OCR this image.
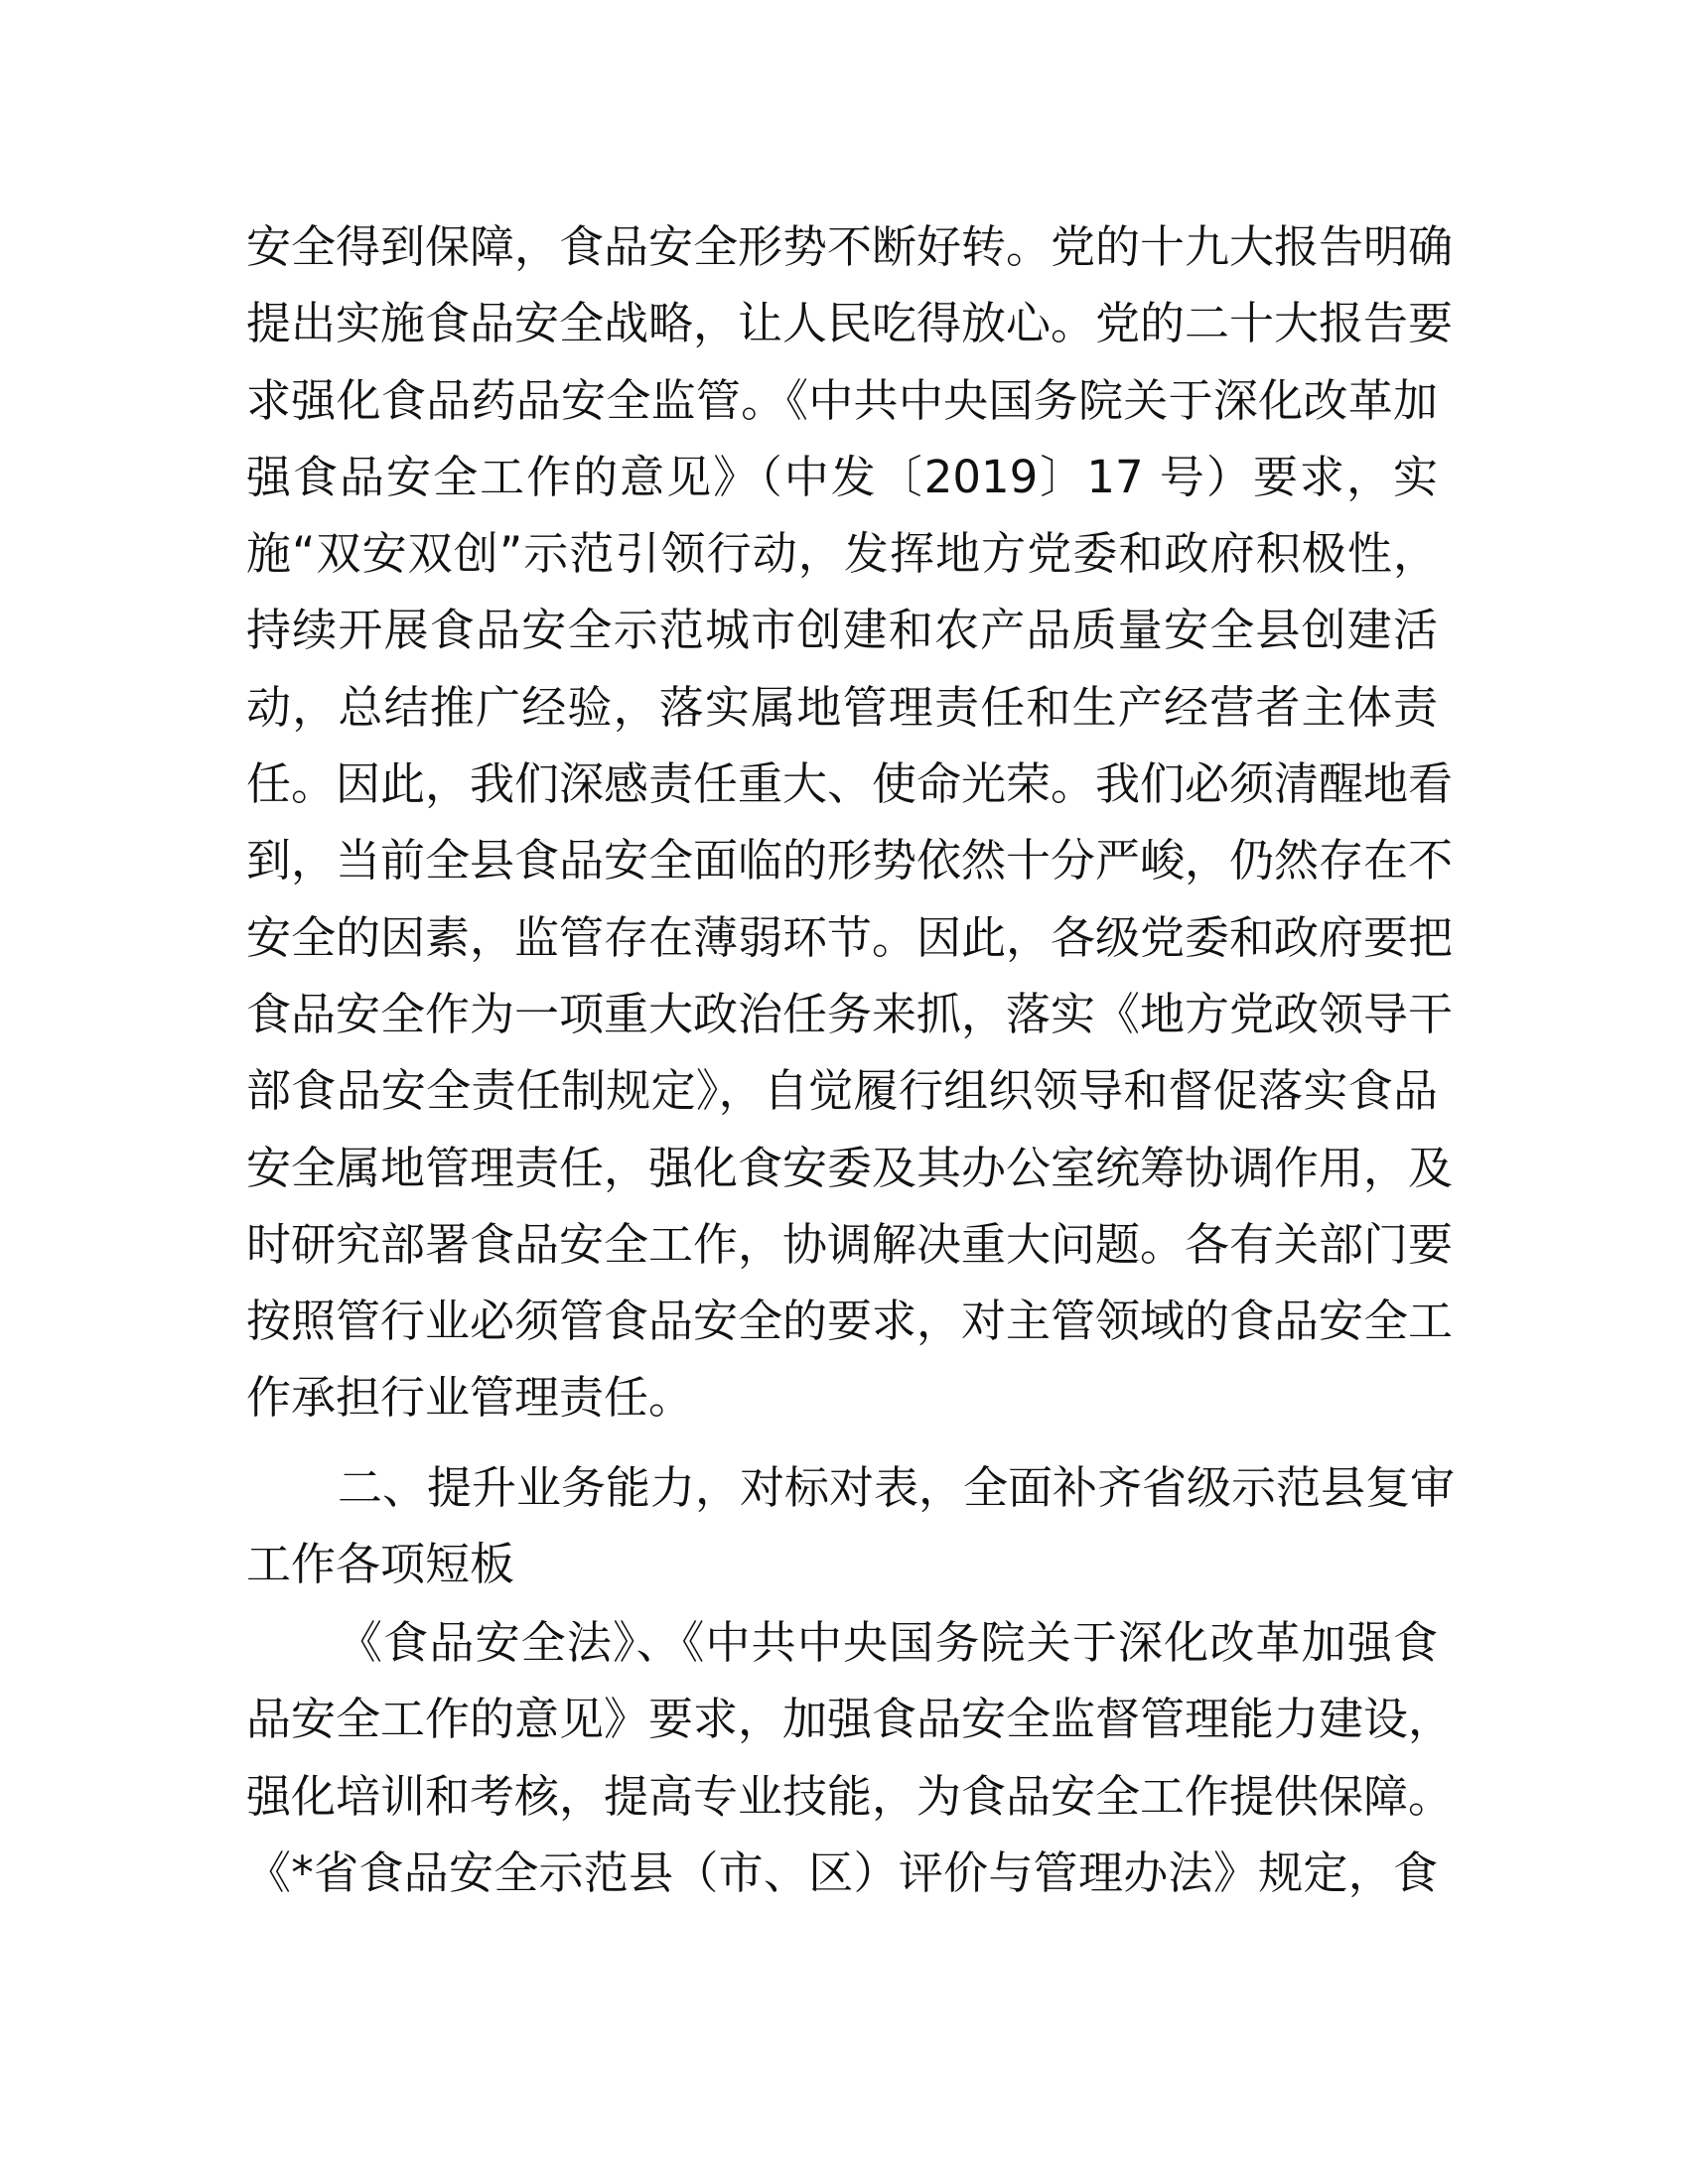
安全得到保障，食品安全形势不断好转。党的十九大报告明确
提出实施食品安全战略，让人民吃得放心。党的二十大报告要
求强化食品药品安全监管。《中共中央国务院关于深化改革加
强食品安全工作的意见》（中发〔2019〕17 号）要求，实
施“双安双创”示范引领行动，发挥地方党委和政府积极性，
持续开展食品安全示范城市创建和农产品质量安全县创建活
动，总结推广经验，落实属地管理责任和生产经营者主体责
任。因此，我们深感责任重大、使命光荣。我们必须清醒地看
到，当前全县食品安全面临的形势依然十分严峻，仍然存在不
安全的因素，监管存在薄弱环节。因此，各级党委和政府要把
食品安全作为一项重大政治任务来抓，落实《地方党政领导干
部食品安全责任制规定》，自觉履行组织领导和督促落实食品
安全属地管理责任，强化食安委及其办公室统筹协调作用，及
时研究部署食品安全工作，协调解决重大问题。各有关部门要
按照管行业必须管食品安全的要求，对主管领域的食品安全工
作承担行业管理责任。
二、提升业务能力，对标对表，全面补齐省级示范县复审
工作各项短板
《食品安全法》、《中共中央国务院关于深化改革加强食
品安全工作的意见》要求，加强食品安全监督管理能力建设，
强化培训和考核，提高专业技能，为食品安全工作提供保障。
《*省食品安全示范县（市、区）评价与管理办法》规定，食
